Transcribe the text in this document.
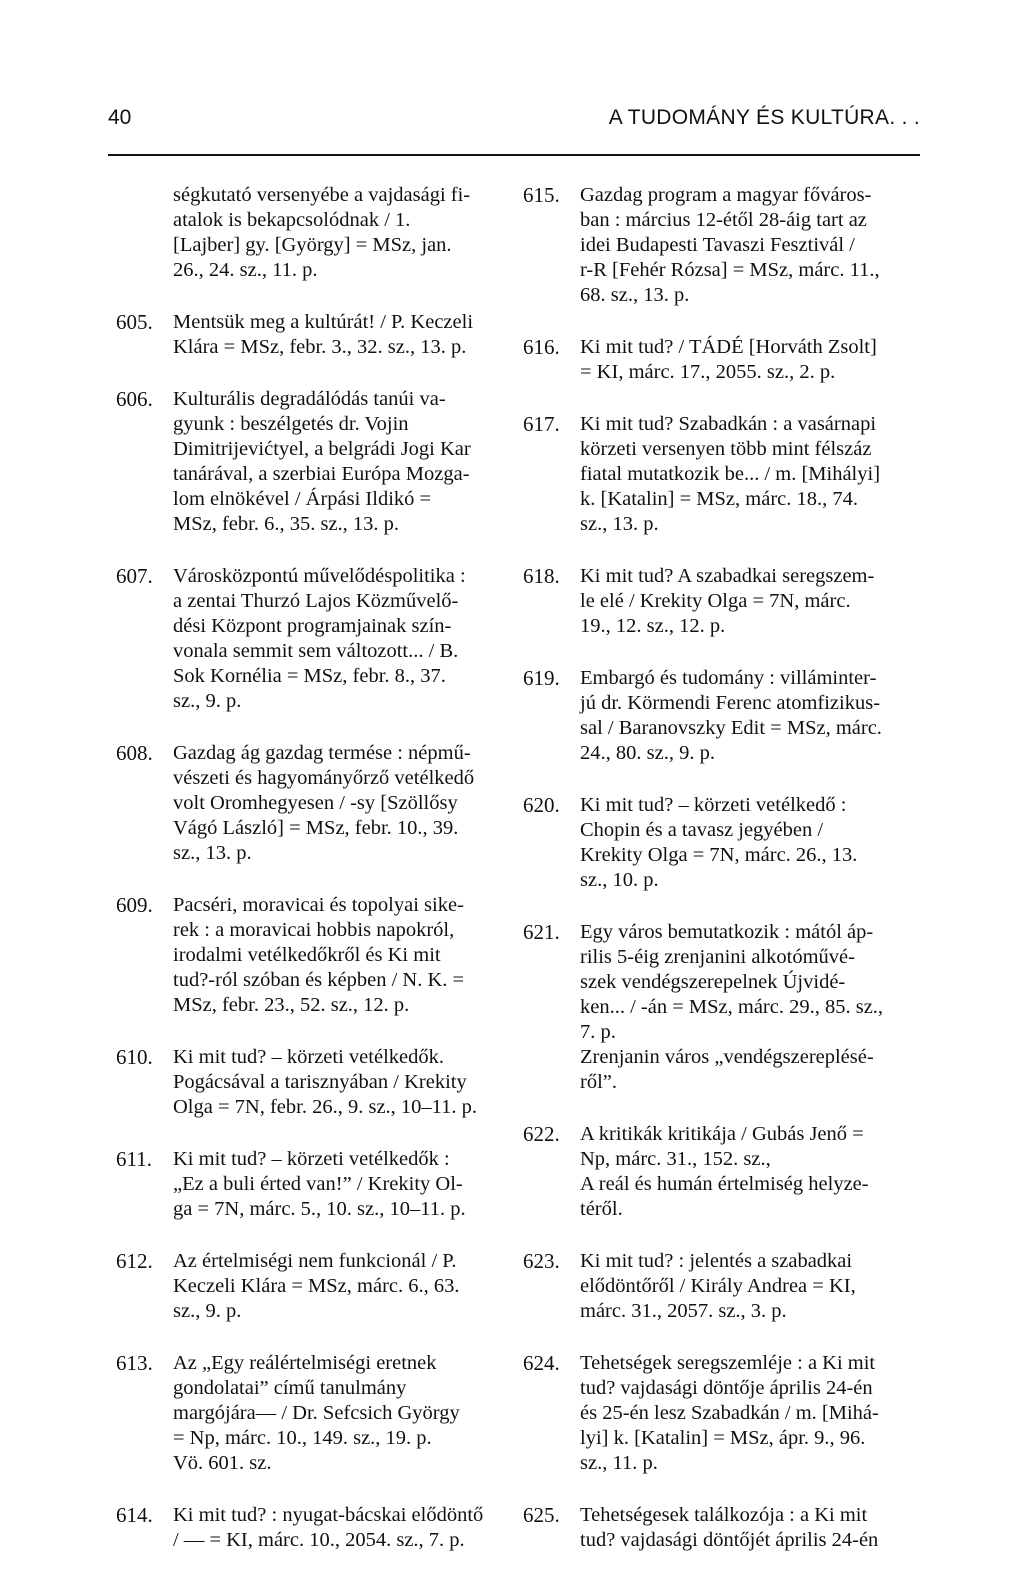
40	A TUDOMÁNY ÉS KULTÚRA. . .
ségkutató versenyébe a vajdasági fi-
atalok is bekapcsolódnak / 1.
[Lajber] gy. [György] = MSz, jan.
26., 24. sz., 11. p.
605. Mentsük meg a kultúrát! / P. Keczeli
Klára = MSz, febr. 3., 32. sz., 13. p.
606. Kulturális degradálódás tanúi va-
gyunk : beszélgetés dr. Vojin
Dimitrijevićtyel, a belgrádi Jogi Kar
tanárával, a szerbiai Európa Mozga-
lom elnökével / Árpási Ildikó =
MSz, febr. 6., 35. sz., 13. p.
607. Városközpontú művelődéspolitika :
a zentai Thurzó Lajos Közművelő-
dési Központ programjainak szín-
vonala semmit sem változott... / B.
Sok Kornélia = MSz, febr. 8., 37.
sz., 9. p.
608. Gazdag ág gazdag termése : népmű-
vészeti és hagyományőrző vetélkedő
volt Oromhegyesen / -sy [Szöllősy
Vágó László] = MSz, febr. 10., 39.
sz., 13. p.
609. Pacséri, moravicai és topolyai sike-
rek : a moravicai hobbis napokról,
irodalmi vetélkedőkről és Ki mit
tud?-ról szóban és képben / N. K. =
MSz, febr. 23., 52. sz., 12. p.
610. Ki mit tud? – körzeti vetélkedők.
Pogácsával a tarisznyában / Krekity
Olga = 7N, febr. 26., 9. sz., 10–11. p.
611. Ki mit tud? – körzeti vetélkedők :
„Ez a buli érted van!” / Krekity Ol-
ga = 7N, márc. 5., 10. sz., 10–11. p.
612. Az értelmiségi nem funkcionál / P.
Keczeli Klára = MSz, márc. 6., 63.
sz., 9. p.
613. Az „Egy reálértelmiségi eretnek
gondolatai” című tanulmány
margójára— / Dr. Sefcsich György
= Np, márc. 10., 149. sz., 19. p.
Vö. 601. sz.
614. Ki mit tud? : nyugat-bácskai elődöntő
/ — = KI, márc. 10., 2054. sz., 7. p.
615. Gazdag program a magyar főváros-
ban : március 12-étől 28-áig tart az
idei Budapesti Tavaszi Fesztivál /
r-R [Fehér Rózsa] = MSz, márc. 11.,
68. sz., 13. p.
616. Ki mit tud? / TÁDÉ [Horváth Zsolt]
= KI, márc. 17., 2055. sz., 2. p.
617. Ki mit tud? Szabadkán : a vasárnapi
körzeti versenyen több mint félszáz
fiatal mutatkozik be... / m. [Mihályi]
k. [Katalin] = MSz, márc. 18., 74.
sz., 13. p.
618. Ki mit tud? A szabadkai seregszem-
le elé / Krekity Olga = 7N, márc.
19., 12. sz., 12. p.
619. Embargó és tudomány : villáminter-
jú dr. Körmendi Ferenc atomfizikus-
sal / Baranovszky Edit = MSz, márc.
24., 80. sz., 9. p.
620. Ki mit tud? – körzeti vetélkedő :
Chopin és a tavasz jegyében /
Krekity Olga = 7N, márc. 26., 13.
sz., 10. p.
621. Egy város bemutatkozik : mától áp-
rilis 5-éig zrenjanini alkotóművé-
szek vendégszerepelnek Újvidé-
ken... / -án = MSz, márc. 29., 85. sz.,
7. p.
Zrenjanin város „vendégszereplésé-
ről”.
622. A kritikák kritikája / Gubás Jenő =
Np, márc. 31., 152. sz.,
A reál és humán értelmiség helyze-
téről.
623. Ki mit tud? : jelentés a szabadkai
elődöntőről / Király Andrea = KI,
márc. 31., 2057. sz., 3. p.
624. Tehetségek seregszemléje : a Ki mit
tud? vajdasági döntője április 24-én
és 25-én lesz Szabadkán / m. [Mihá-
lyi] k. [Katalin] = MSz, ápr. 9., 96.
sz., 11. p.
625. Tehetségesek találkozója : a Ki mit
tud? vajdasági döntőjét április 24-én
